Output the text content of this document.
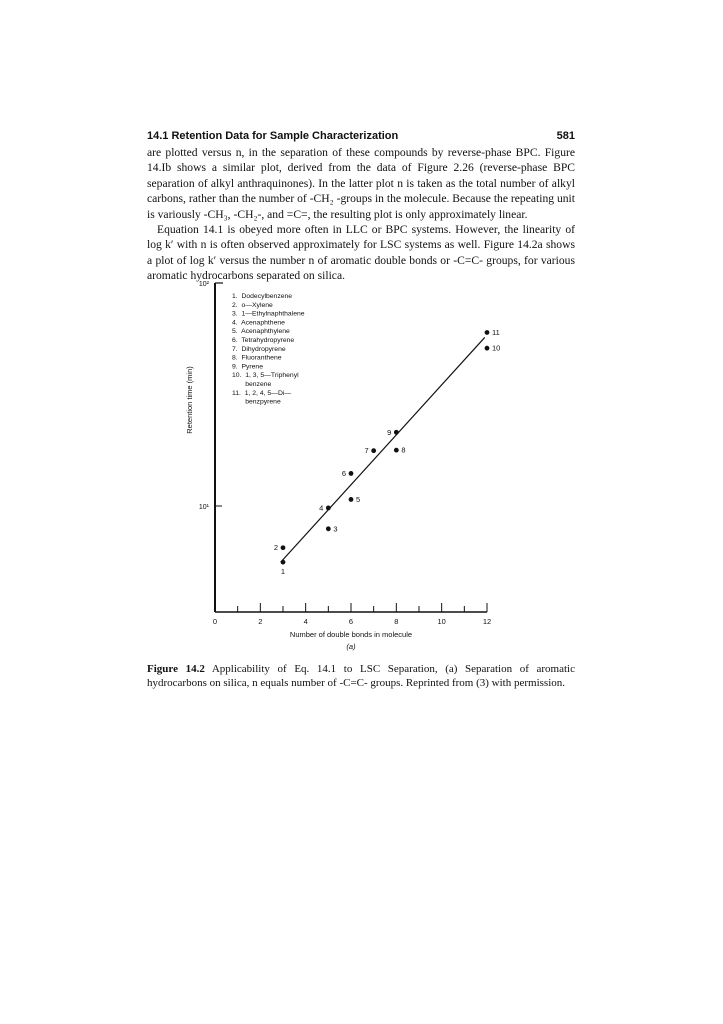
14.1 Retention Data for Sample Characterization	581

are plotted versus n, in the separation of these compounds by reverse-phase BPC. Figure 14.Ib shows a similar plot, derived from the data of Figure 2.26 (reverse-phase BPC separation of alkyl anthraquinones). In the latter plot n is taken as the total number of alkyl carbons, rather than the number of -CH₂ -groups in the molecule. Because the repeating unit is variously -CH₃, -CH₂-, and =C=, the resulting plot is only approximately linear.

Equation 14.1 is obeyed more often in LLC or BPC systems. However, the linearity of log k′ with n is often observed approximately for LSC systems as well. Figure 14.2a shows a plot of log k′ versus the number n of aromatic double bonds or -C=C- groups, for various aromatic hydrocarbons separated on silica.

10¹
10²
0	2	4	6	8	10	12
Number of double bonds in molecule
(a)
Retention time (min)
1.  Dodecylbenzene
2.  o—Xylene
3.  1—Ethylnaphthalene
4.  Acenaphthene
5.  Acenaphthylene
6.  Tetrahydropyrene
7.  Dihydropyrene
8.  Fluoranthene
9.  Pyrene
10.  1, 3, 5—Triphenyl
benzene
11.  1, 2, 4, 5—Di—
benzpyrene
1
2
3
4
5
6
7	8
9
10
11
Figure 14.2 Applicability of Eq. 14.1 to LSC Separation, (a) Separation of aromatic hydrocarbons on silica, n equals number of -C=C- groups. Reprinted from (3) with permission.
